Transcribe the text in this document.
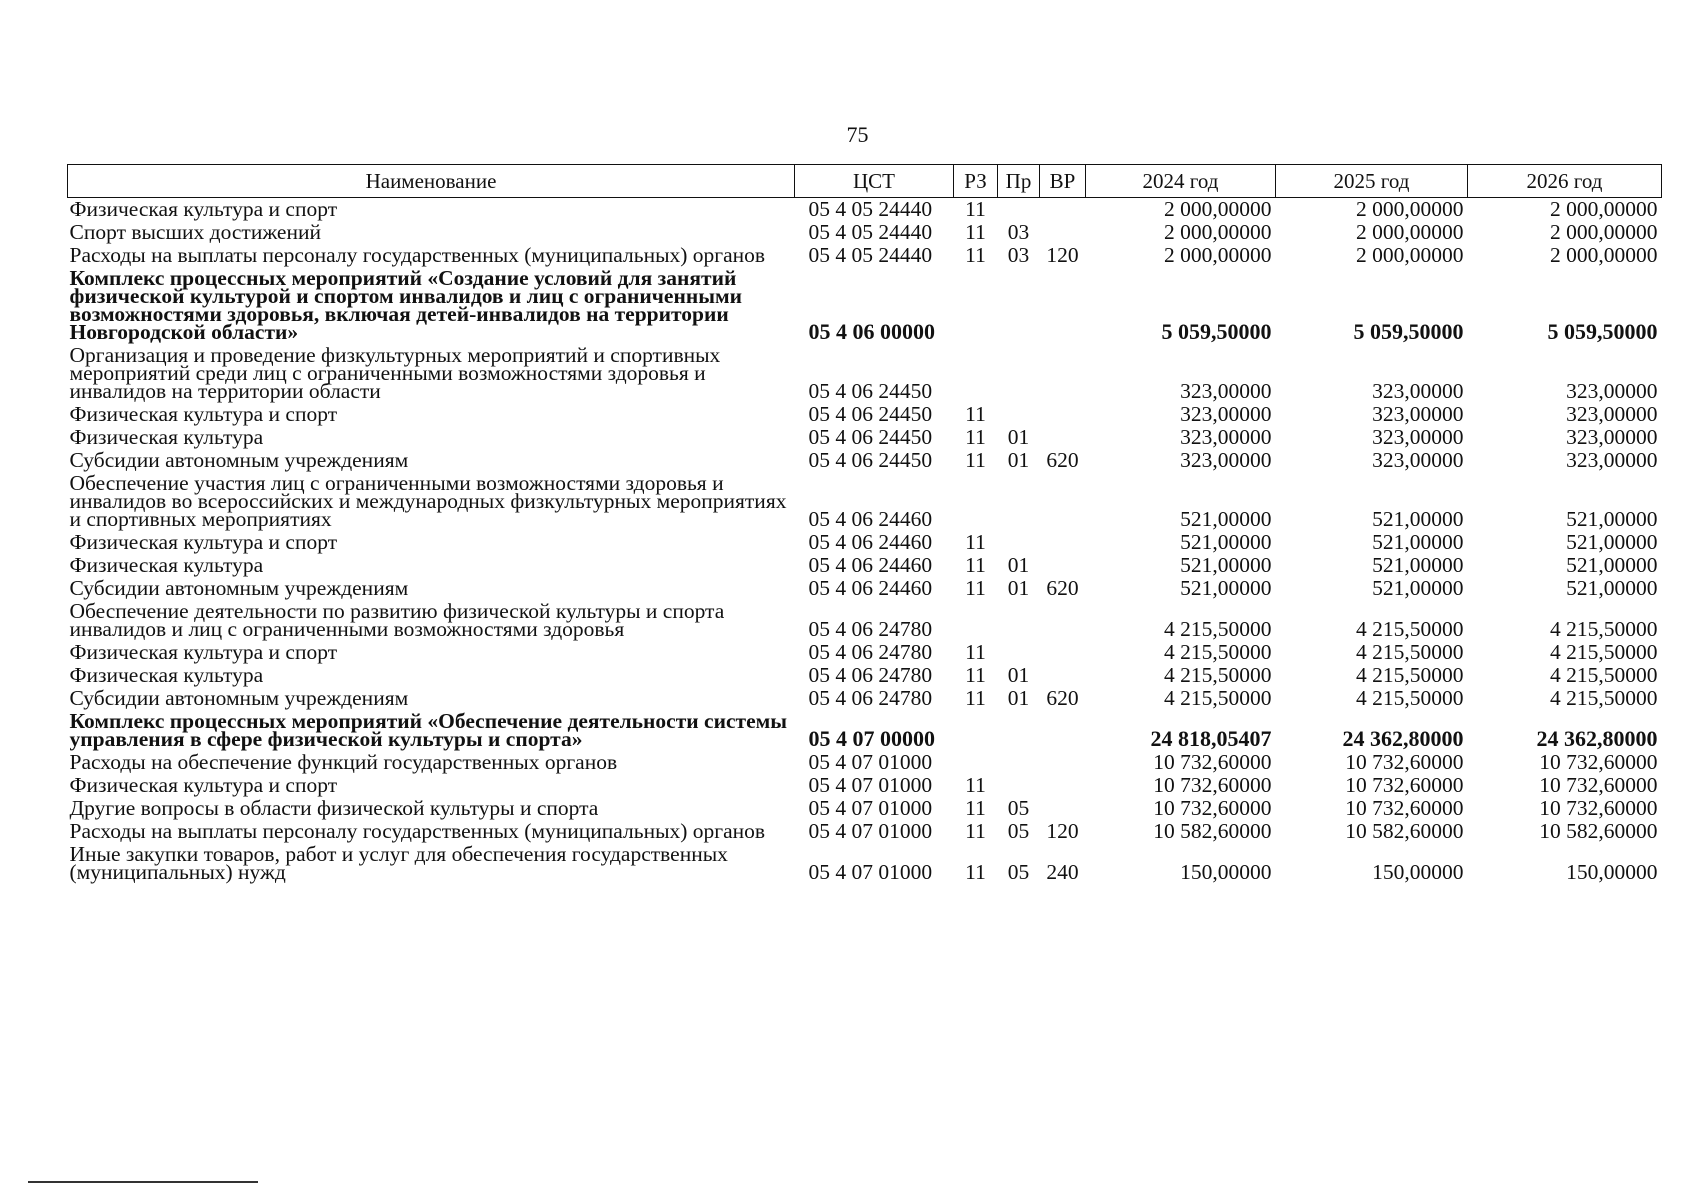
75
Наименование	ЦСТ	РЗ	Пр	ВР	2024 год	2025 год	2026 год
Физическая культура и спорт	05 4 05 24440	11			2 000,00000	2 000,00000	2 000,00000
Спорт высших достижений	05 4 05 24440	11	03		2 000,00000	2 000,00000	2 000,00000
Расходы на выплаты персоналу государственных (муниципальных) органов	05 4 05 24440	11	03	120	2 000,00000	2 000,00000	2 000,00000
Комплекс процессных мероприятий «Создание условий для занятий физической культурой и спортом инвалидов и лиц с ограниченными возможностями здоровья, включая детей-инвалидов на территории Новгородской области»	05 4 06 00000				5 059,50000	5 059,50000	5 059,50000
Организация и проведение физкультурных мероприятий и спортивных мероприятий среди лиц с ограниченными возможностями здоровья и инвалидов на территории области	05 4 06 24450				323,00000	323,00000	323,00000
Физическая культура и спорт	05 4 06 24450	11			323,00000	323,00000	323,00000
Физическая культура	05 4 06 24450	11	01		323,00000	323,00000	323,00000
Субсидии автономным учреждениям	05 4 06 24450	11	01	620	323,00000	323,00000	323,00000
Обеспечение участия лиц с ограниченными возможностями здоровья и инвалидов во всероссийских и международных физкультурных мероприятиях и спортивных мероприятиях	05 4 06 24460				521,00000	521,00000	521,00000
Физическая культура и спорт	05 4 06 24460	11			521,00000	521,00000	521,00000
Физическая культура	05 4 06 24460	11	01		521,00000	521,00000	521,00000
Субсидии автономным учреждениям	05 4 06 24460	11	01	620	521,00000	521,00000	521,00000
Обеспечение деятельности по развитию физической культуры и спорта инвалидов и лиц с ограниченными возможностями здоровья	05 4 06 24780				4 215,50000	4 215,50000	4 215,50000
Физическая культура и спорт	05 4 06 24780	11			4 215,50000	4 215,50000	4 215,50000
Физическая культура	05 4 06 24780	11	01		4 215,50000	4 215,50000	4 215,50000
Субсидии автономным учреждениям	05 4 06 24780	11	01	620	4 215,50000	4 215,50000	4 215,50000
Комплекс процессных мероприятий «Обеспечение деятельности системы управления в сфере физической культуры и спорта»	05 4 07 00000				24 818,05407	24 362,80000	24 362,80000
Расходы на обеспечение функций государственных органов	05 4 07 01000				10 732,60000	10 732,60000	10 732,60000
Физическая культура и спорт	05 4 07 01000	11			10 732,60000	10 732,60000	10 732,60000
Другие вопросы в области физической культуры и спорта	05 4 07 01000	11	05		10 732,60000	10 732,60000	10 732,60000
Расходы на выплаты персоналу государственных (муниципальных) органов	05 4 07 01000	11	05	120	10 582,60000	10 582,60000	10 582,60000
Иные закупки товаров, работ и услуг для обеспечения государственных (муниципальных) нужд	05 4 07 01000	11	05	240	150,00000	150,00000	150,00000
